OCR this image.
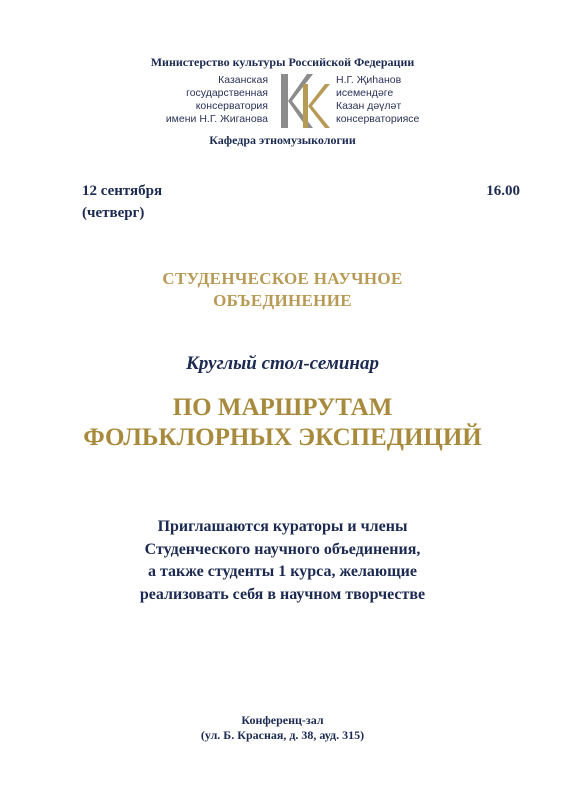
Министерство культуры Российской Федерации
Казанская
государственная
консерватория
имени Н.Г. Жиганова
Н.Г. Җиһанов
исемендәге
Казан дәүләт
консерваториясе
Кафедра этномузыкологии
12 сентября
(четверг)
16.00
СТУДЕНЧЕСКОЕ НАУЧНОЕ
ОБЪЕДИНЕНИЕ
Круглый стол-семинар
ПО МАРШРУТАМ
ФОЛЬКЛОРНЫХ ЭКСПЕДИЦИЙ
Приглашаются кураторы и члены
Студенческого научного объединения,
а также студенты 1 курса, желающие
реализовать себя в научном творчестве
Конференц-зал
(ул. Б. Красная, д. 38, ауд. 315)
